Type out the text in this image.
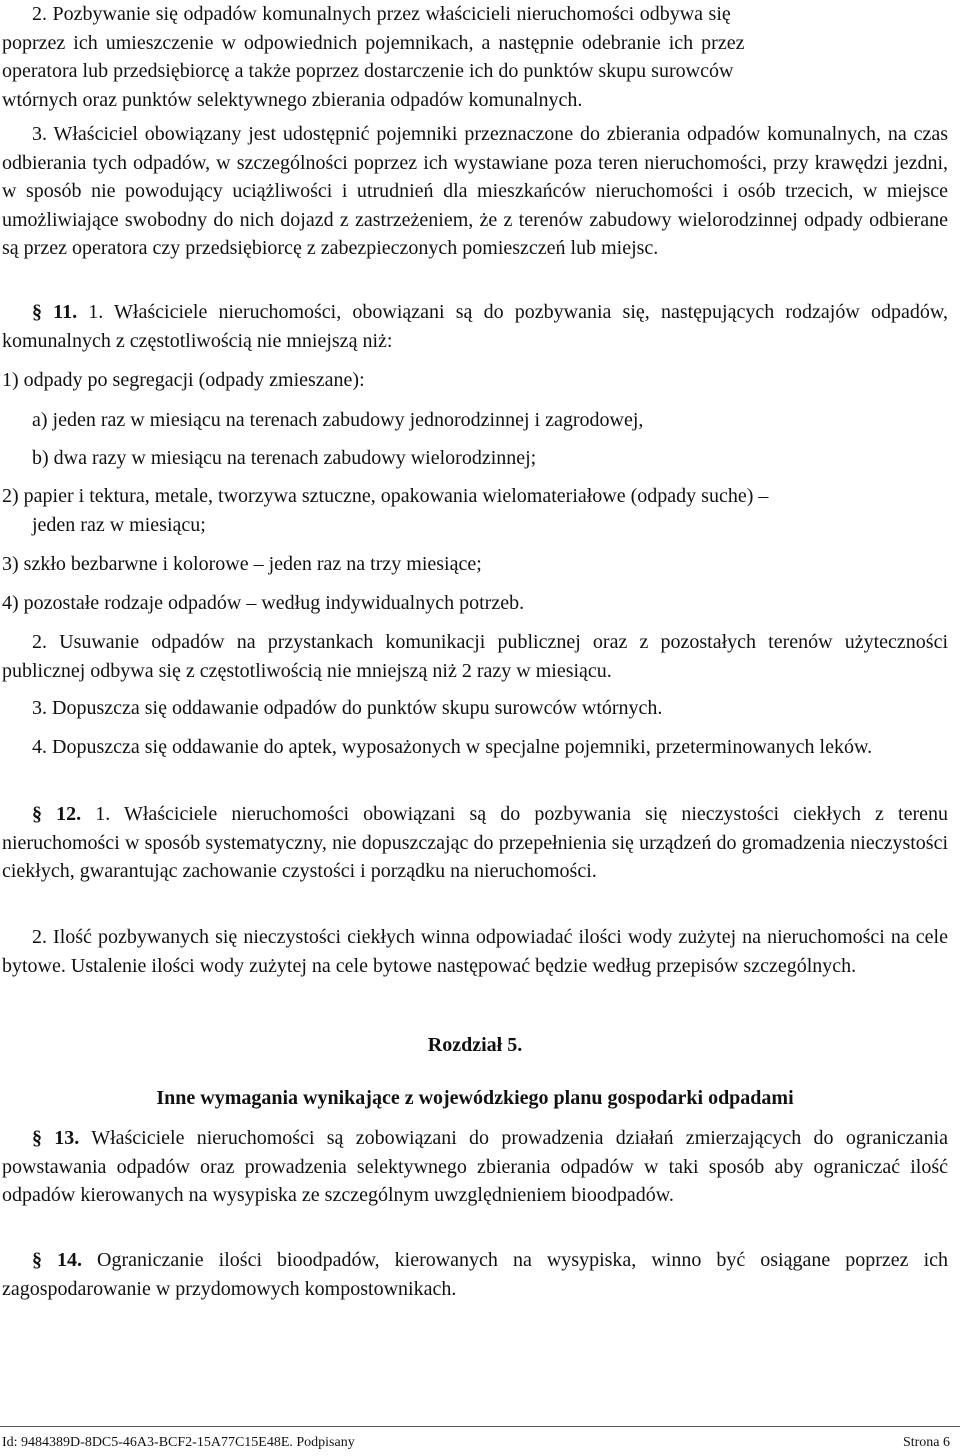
2. Pozbywanie się odpadów komunalnych przez właścicieli nieruchomości odbywa się
poprzez ich umieszczenie w odpowiednich pojemnikach, a następnie odebranie ich przez
operatora lub przedsiębiorcę a także poprzez dostarczenie ich do punktów skupu surowców
wtórnych oraz punktów selektywnego zbierania odpadów komunalnych.

3. Właściciel obowiązany jest udostępnić pojemniki przeznaczone do zbierania odpadów komunalnych, na czas odbierania tych odpadów, w szczególności poprzez ich wystawiane poza teren nieruchomości, przy krawędzi jezdni, w sposób nie powodujący uciążliwości i utrudnień dla mieszkańców nieruchomości i osób trzecich, w miejsce umożliwiające swobodny do nich dojazd z zastrzeżeniem, że z terenów zabudowy wielorodzinnej odpady odbierane są przez operatora czy przedsiębiorcę z zabezpieczonych pomieszczeń lub miejsc.

§ 11. 1. Właściciele nieruchomości, obowiązani są do pozbywania się, następujących rodzajów odpadów, komunalnych z częstotliwością nie mniejszą niż:

1) odpady po segregacji (odpady zmieszane):
a) jeden raz w miesiącu na terenach zabudowy jednorodzinnej i zagrodowej,
b) dwa razy w miesiącu na terenach zabudowy wielorodzinnej;
2) papier i tektura, metale, tworzywa sztuczne, opakowania wielomateriałowe (odpady suche) –
jeden raz w miesiącu;
3) szkło bezbarwne i kolorowe – jeden raz na trzy miesiące;
4) pozostałe rodzaje odpadów – według indywidualnych potrzeb.

2. Usuwanie odpadów na przystankach komunikacji publicznej oraz z pozostałych terenów użyteczności publicznej odbywa się z częstotliwością nie mniejszą niż 2 razy w miesiącu.

3. Dopuszcza się oddawanie odpadów do punktów skupu surowców wtórnych.

4. Dopuszcza się oddawanie do aptek, wyposażonych w specjalne pojemniki, przeterminowanych leków.

§ 12. 1. Właściciele nieruchomości obowiązani są do pozbywania się nieczystości ciekłych z terenu nieruchomości w sposób systematyczny, nie dopuszczając do przepełnienia się urządzeń do gromadzenia nieczystości ciekłych, gwarantując zachowanie czystości i porządku na nieruchomości.

2. Ilość pozbywanych się nieczystości ciekłych winna odpowiadać ilości wody zużytej na nieruchomości na cele bytowe. Ustalenie ilości wody zużytej na cele bytowe następować będzie według przepisów szczególnych.

Rozdział 5.
Inne wymagania wynikające z wojewódzkiego planu gospodarki odpadami

§ 13. Właściciele nieruchomości są zobowiązani do prowadzenia działań zmierzających do ograniczania powstawania odpadów oraz prowadzenia selektywnego zbierania odpadów w taki sposób aby ograniczać ilość odpadów kierowanych na wysypiska ze szczególnym uwzględnieniem bioodpadów.

§ 14. Ograniczanie ilości bioodpadów, kierowanych na wysypiska, winno być osiągane poprzez ich zagospodarowanie w przydomowych kompostownikach.

Id: 9484389D-8DC5-46A3-BCF2-15A77C15E48E. Podpisany	Strona 6
